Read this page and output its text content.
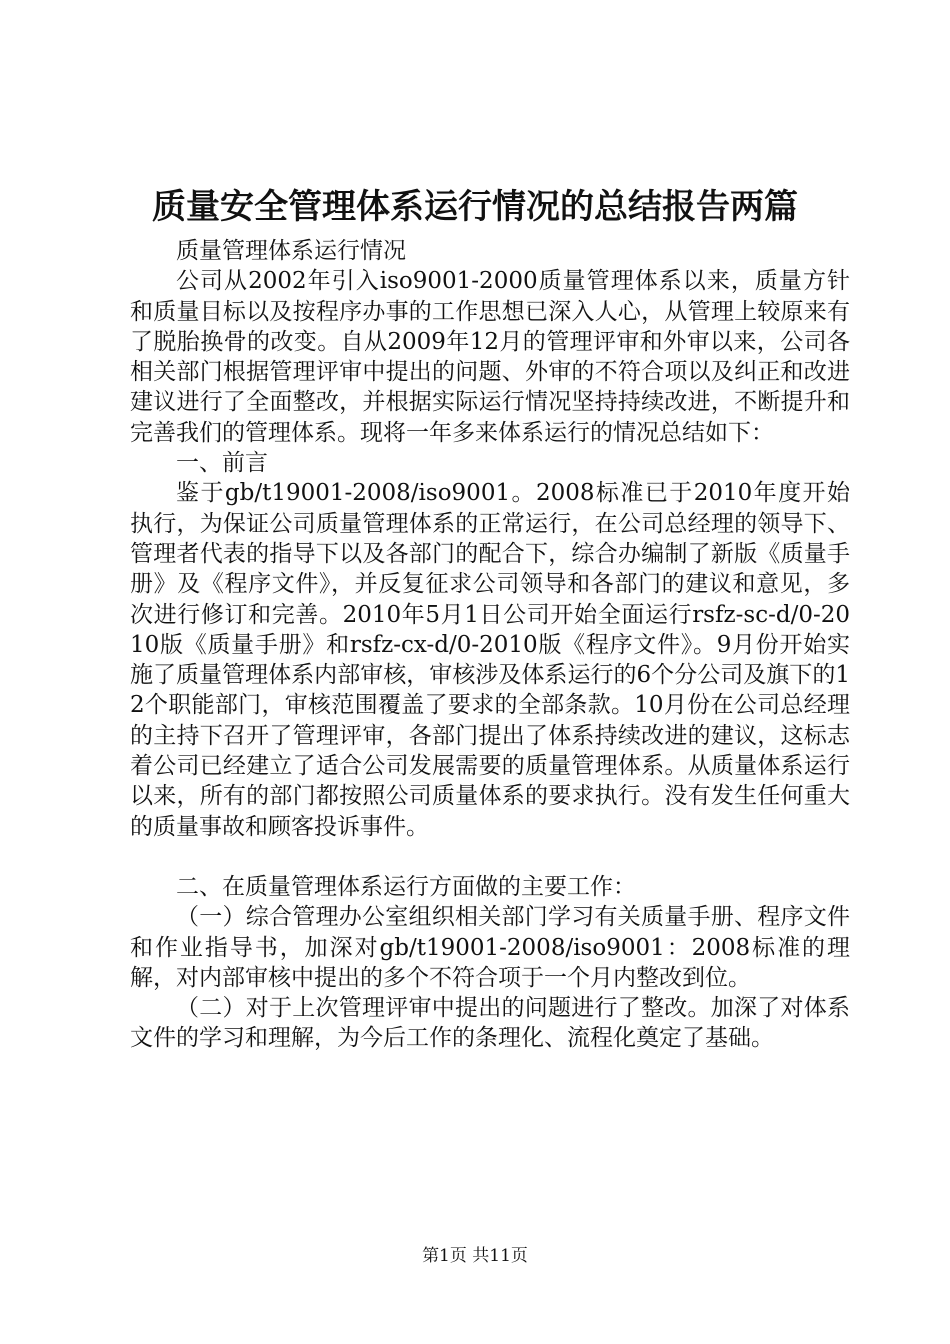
质量安全管理体系运行情况的总结报告两篇

质量管理体系运行情况

公司从2002年引入iso9001-2000质量管理体系以来，质量方针和质量目标以及按程序办事的工作思想已深入人心，从管理上较原来有了脱胎换骨的改变。自从2009年12月的管理评审和外审以来，公司各相关部门根据管理评审中提出的问题、外审的不符合项以及纠正和改进建议进行了全面整改，并根据实际运行情况坚持持续改进，不断提升和完善我们的管理体系。现将一年多来体系运行的情况总结如下：

一、前言

鉴于gb/t19001-2008/iso9001。2008标准已于2010年度开始执行，为保证公司质量管理体系的正常运行，在公司总经理的领导下、管理者代表的指导下以及各部门的配合下，综合办编制了新版《质量手册》及《程序文件》，并反复征求公司领导和各部门的建议和意见，多次进行修订和完善。2010年5月1日公司开始全面运行rsfz-sc-d/0-2010版《质量手册》和rsfz-cx-d/0-2010版《程序文件》。9月份开始实施了质量管理体系内部审核，审核涉及体系运行的6个分公司及旗下的12个职能部门，审核范围覆盖了要求的全部条款。10月份在公司总经理的主持下召开了管理评审，各部门提出了体系持续改进的建议，这标志着公司已经建立了适合公司发展需要的质量管理体系。从质量体系运行以来，所有的部门都按照公司质量体系的要求执行。没有发生任何重大的质量事故和顾客投诉事件。

二、在质量管理体系运行方面做的主要工作：

（一）综合管理办公室组织相关部门学习有关质量手册、程序文件和作业指导书，加深对gb/t19001-2008/iso9001：2008标准的理解，对内部审核中提出的多个不符合项于一个月内整改到位。

（二）对于上次管理评审中提出的问题进行了整改。加深了对体系文件的学习和理解，为今后工作的条理化、流程化奠定了基础。

第1页 共11页
